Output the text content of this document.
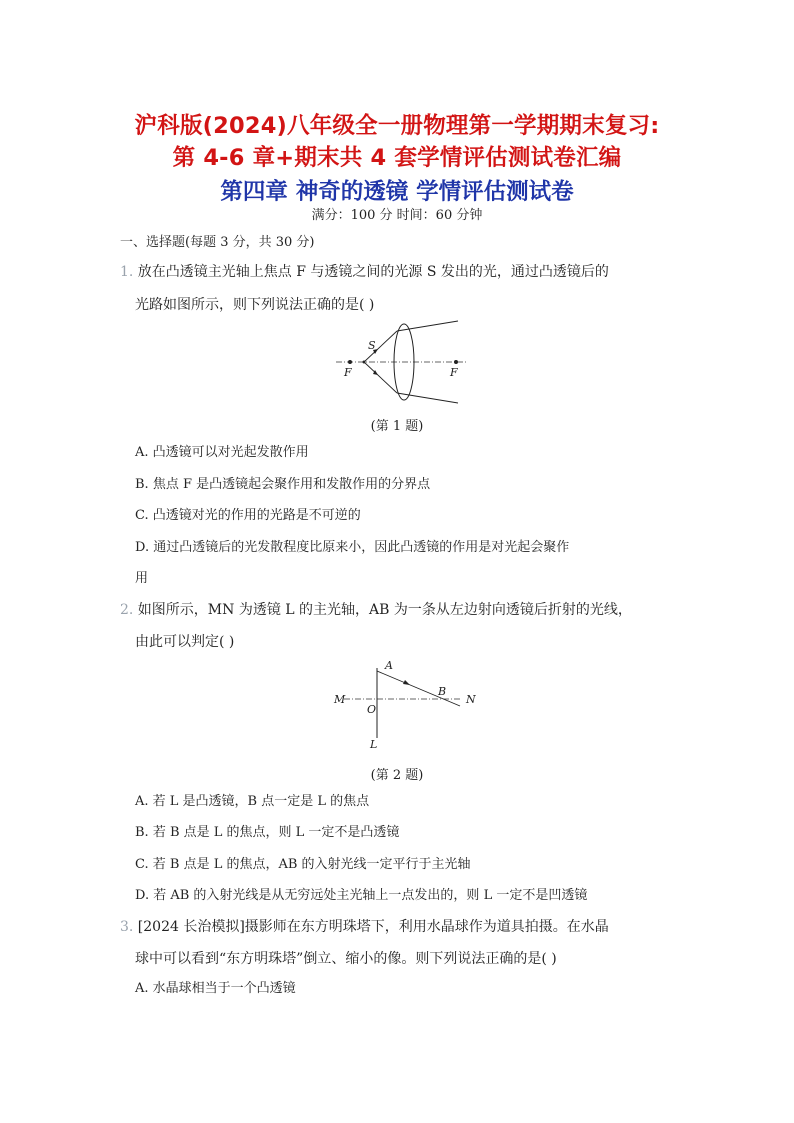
沪科版(2024)八年级全一册物理第一学期期末复习:
第 4-6 章+期末共 4 套学情评估测试卷汇编
第四章 神奇的透镜 学情评估测试卷
满分：100 分 时间：60 分钟
一、选择题(每题 3 分，共 30 分)
1. 放在凸透镜主光轴上焦点 F 与透镜之间的光源 S 发出的光，通过凸透镜后的
光路如图所示，则下列说法正确的是( )
S
F	F
(第 1 题)
A. 凸透镜可以对光起发散作用
B. 焦点 F 是凸透镜起会聚作用和发散作用的分界点
C. 凸透镜对光的作用的光路是不可逆的
D. 通过凸透镜后的光发散程度比原来小，因此凸透镜的作用是对光起会聚作
用
2. 如图所示，MN 为透镜 L 的主光轴，AB 为一条从左边射向透镜后折射的光线，
由此可以判定( )
A
M
O
B
N
L
(第 2 题)
A. 若 L 是凸透镜，B 点一定是 L 的焦点
B. 若 B 点是 L 的焦点，则 L 一定不是凸透镜
C. 若 B 点是 L 的焦点，AB 的入射光线一定平行于主光轴
D. 若 AB 的入射光线是从无穷远处主光轴上一点发出的，则 L 一定不是凹透镜
3. [2024 长治模拟]摄影师在东方明珠塔下，利用水晶球作为道具拍摄。在水晶
球中可以看到“东方明珠塔”倒立、缩小的像。则下列说法正确的是( )
A. 水晶球相当于一个凸透镜
